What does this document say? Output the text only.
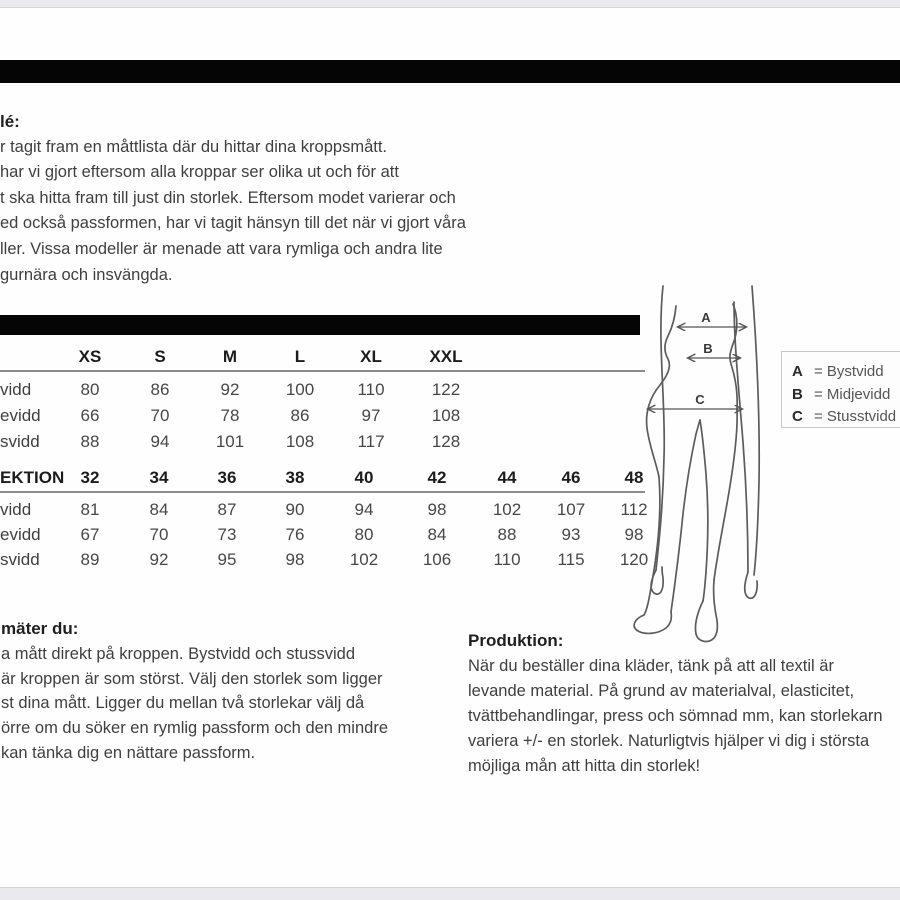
lé:
r tagit fram en måttlista där du hittar dina kroppsmått.
har vi gjort eftersom alla kroppar ser olika ut och för att
t ska hitta fram till just din storlek. Eftersom modet varierar och
ed också passformen, har vi tagit hänsyn till det när vi gjort våra
ller. Vissa modeller är menade att vara rymliga och andra lite
gurnära och insvängda.
XS	S	M	L	XL	XXL
vidd	80	86	92	100	110	122
evidd	66	70	78	86	97	108
svidd	88	94	101	108	117	128
EKTION 32	34	36	38	40	42	44	46	48
vidd	81	84	87	90	94	98	102	107	112
evidd	67	70	73	76	80	84	88	93	98
svidd	89	92	95	98	102	106	110	115	120
A
B
C
A = Bystvidd
B = Midjevidd
C = Stusstvidd
mäter du:
a mått direkt på kroppen. Bystvidd och stussvidd
är kroppen är som störst. Välj den storlek som ligger
st dina mått. Ligger du mellan två storlekar välj då
örre om du söker en rymlig passform och den mindre
kan tänka dig en nättare passform.
Produktion:
När du beställer dina kläder, tänk på att all textil är
levande material. På grund av materialval, elasticitet,
tvättbehandlingar, press och sömnad mm, kan storlekarn
variera +/- en storlek. Naturligtvis hjälper vi dig i största
möjliga mån att hitta din storlek!
